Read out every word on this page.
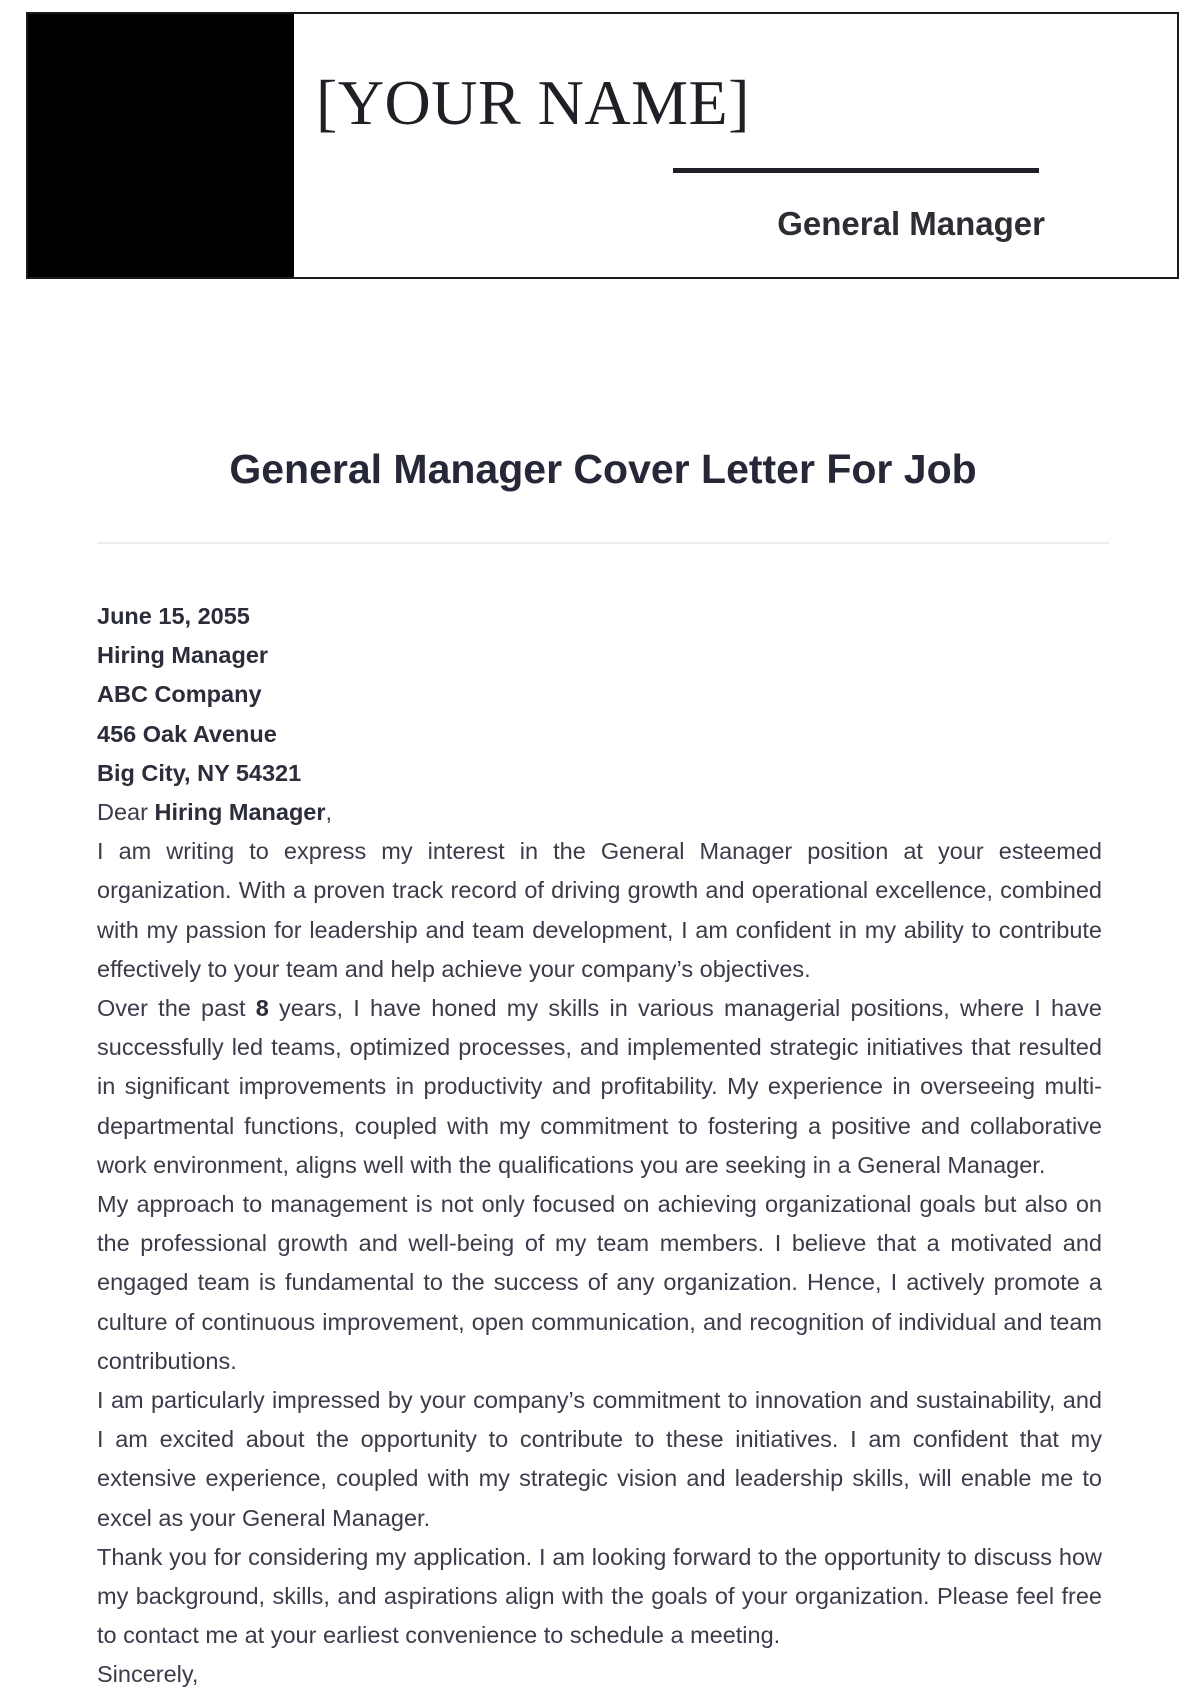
[YOUR NAME]
General Manager
General Manager Cover Letter For Job
June 15, 2055
Hiring Manager
ABC Company
456 Oak Avenue
Big City, NY 54321
Dear Hiring Manager,
I am writing to express my interest in the General Manager position at your esteemed organization. With a proven track record of driving growth and operational excellence, combined with my passion for leadership and team development, I am confident in my ability to contribute effectively to your team and help achieve your company’s objectives.
Over the past 8 years, I have honed my skills in various managerial positions, where I have successfully led teams, optimized processes, and implemented strategic initiatives that resulted in significant improvements in productivity and profitability. My experience in overseeing multi-departmental functions, coupled with my commitment to fostering a positive and collaborative work environment, aligns well with the qualifications you are seeking in a General Manager.
My approach to management is not only focused on achieving organizational goals but also on the professional growth and well-being of my team members. I believe that a motivated and engaged team is fundamental to the success of any organization. Hence, I actively promote a culture of continuous improvement, open communication, and recognition of individual and team contributions.
I am particularly impressed by your company’s commitment to innovation and sustainability, and I am excited about the opportunity to contribute to these initiatives. I am confident that my extensive experience, coupled with my strategic vision and leadership skills, will enable me to excel as your General Manager.
Thank you for considering my application. I am looking forward to the opportunity to discuss how my background, skills, and aspirations align with the goals of your organization. Please feel free to contact me at your earliest convenience to schedule a meeting.
Sincerely,
